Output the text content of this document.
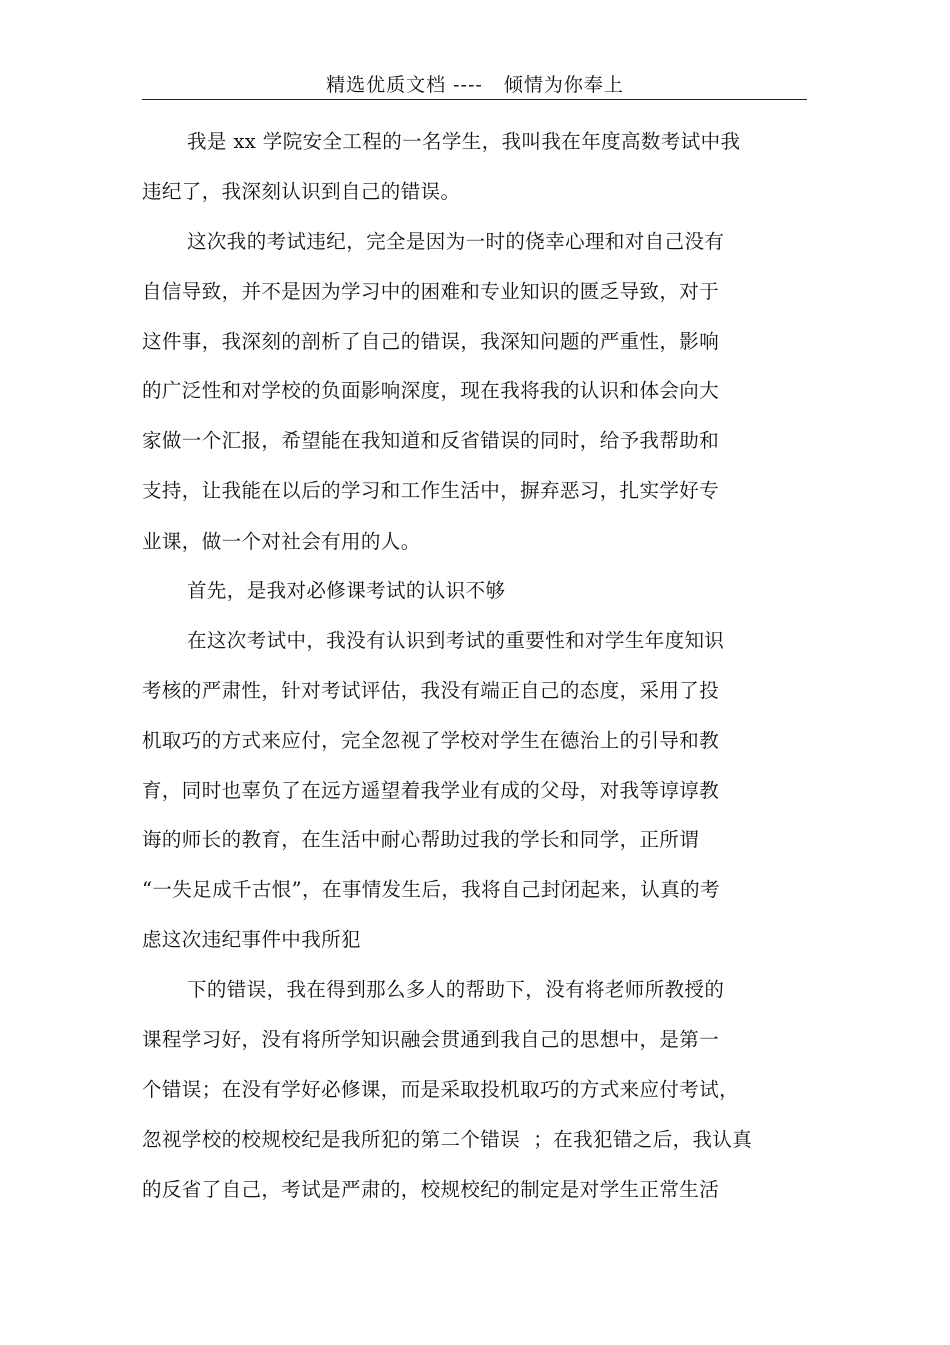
精选优质文档 ----   倾情为你奉上
我是 xx 学院安全工程的一名学生，我叫我在年度高数考试中我
违纪了，我深刻认识到自己的错误。
这次我的考试违纪，完全是因为一时的侥幸心理和对自己没有
自信导致，并不是因为学习中的困难和专业知识的匮乏导致，对于
这件事，我深刻的剖析了自己的错误，我深知问题的严重性，影响
的广泛性和对学校的负面影响深度，现在我将我的认识和体会向大
家做一个汇报，希望能在我知道和反省错误的同时，给予我帮助和
支持，让我能在以后的学习和工作生活中，摒弃恶习，扎实学好专
业课，做一个对社会有用的人。
首先，是我对必修课考试的认识不够
在这次考试中，我没有认识到考试的重要性和对学生年度知识
考核的严肃性，针对考试评估，我没有端正自己的态度，采用了投
机取巧的方式来应付，完全忽视了学校对学生在德治上的引导和教
育，同时也辜负了在远方遥望着我学业有成的父母，对我等谆谆教
诲的师长的教育，在生活中耐心帮助过我的学长和同学，正所谓
“一失足成千古恨”，在事情发生后，我将自己封闭起来，认真的考
虑这次违纪事件中我所犯
下的错误，我在得到那么多人的帮助下，没有将老师所教授的
课程学习好，没有将所学知识融会贯通到我自己的思想中，是第一
个错误；在没有学好必修课，而是采取投机取巧的方式来应付考试，
忽视学校的校规校纪是我所犯的第二个错误  ；在我犯错之后，我认真
的反省了自己，考试是严肃的，校规校纪的制定是对学生正常生活
